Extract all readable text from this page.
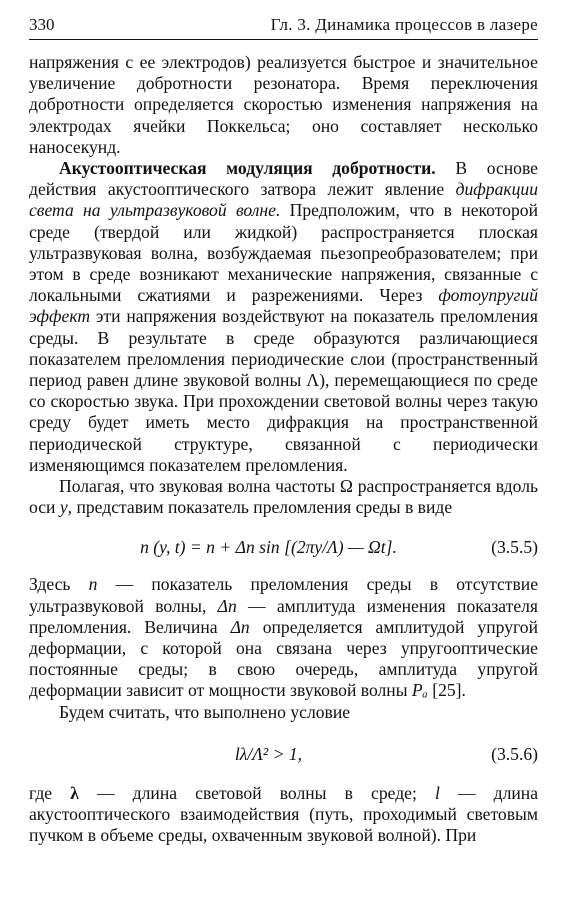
330	Гл. 3. Динамика процессов в лазере

напряжения с ее электродов) реализуется быстрое и значительное увеличение добротности резонатора. Время переключения добротности определяется скоростью изменения напряжения на электродах ячейки Поккельса; оно составляет несколько наносекунд.

Акустооптическая модуляция добротности. В основе действия акустооптического затвора лежит явление дифракции света на ультразвуковой волне. Предположим, что в некоторой среде (твердой или жидкой) распространяется плоская ультразвуковая волна, возбуждаемая пьезопреобразователем; при этом в среде возникают механические напряжения, связанные с локальными сжатиями и разрежениями. Через фотоупругий эффект эти напряжения воздействуют на показатель преломления среды. В результате в среде образуются различающиеся показателем преломления периодические слои (пространственный период равен длине звуковой волны Λ), перемещающиеся по среде со скоростью звука. При прохождении световой волны через такую среду будет иметь место дифракция на пространственной периодической структуре, связанной с периодически изменяющимся показателем преломления.

Полагая, что звуковая волна частоты Ω распространяется вдоль оси y, представим показатель преломления среды в виде

n (y, t) = n + Δn sin [(2πy/Λ) — Ωt].	(3.5.5)

Здесь n — показатель преломления среды в отсутствие ультразвуковой волны, Δn — амплитуда изменения показателя преломления. Величина Δn определяется амплитудой упругой деформации, с которой она связана через упругооптические постоянные среды; в свою очередь, амплитуда упругой деформации зависит от мощности звуковой волны Pₐ [25].

Будем считать, что выполнено условие

lλ/Λ² > 1,	(3.5.6)

где λ — длина световой волны в среде; l — длина акустооптического взаимодействия (путь, проходимый световым пучком в объеме среды, охваченным звуковой волной). При
